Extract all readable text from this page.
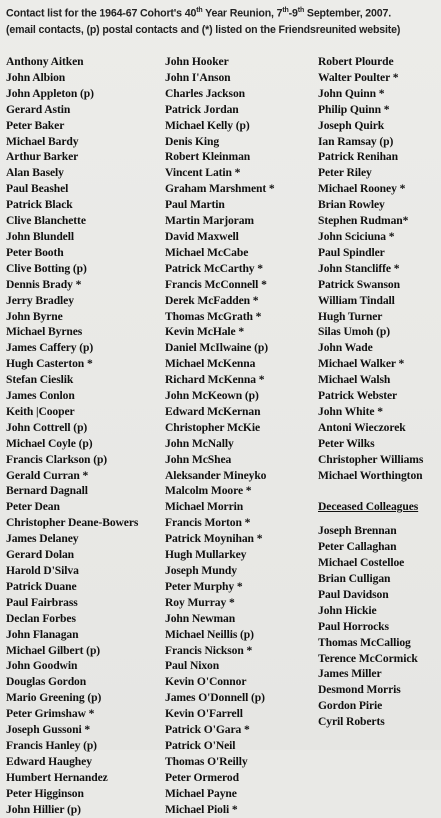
Contact list for the 1964-67 Cohort's 40th Year Reunion, 7th-9th September, 2007.
(email contacts, (p) postal contacts and (*) listed on the Friendsreunited website)
Anthony Aitken
John Albion
John Appleton (p)
Gerard Astin
Peter Baker
Michael Bardy
Arthur Barker
Alan Basely
Paul Beashel
Patrick Black
Clive Blanchette
John Blundell
Peter Booth
Clive Botting (p)
Dennis Brady *
Jerry Bradley
John Byrne
Michael Byrnes
James Caffery (p)
Hugh Casterton *
Stefan Cieslik
James Conlon
Keith |Cooper
John Cottrell (p)
Michael Coyle (p)
Francis Clarkson (p)
Gerald Curran *
Bernard Dagnall
Peter Dean
Christopher Deane-Bowers
James Delaney
Gerard Dolan
Harold D'Silva
Patrick Duane
Paul Fairbrass
Declan Forbes
John Flanagan
Michael Gilbert (p)
John Goodwin
Douglas Gordon
Mario Greening (p)
Peter Grimshaw *
Joseph Gussoni *
Francis Hanley (p)
Edward Haughey
Humbert Hernandez
Peter Higginson
John Hillier (p)
John Hooker
John I'Anson
Charles Jackson
Patrick Jordan
Michael Kelly (p)
Denis King
Robert Kleinman
Vincent Latin *
Graham Marshment *
Paul Martin
Martin Marjoram
David Maxwell
Michael McCabe
Patrick McCarthy *
Francis McConnell *
Derek McFadden *
Thomas McGrath *
Kevin McHale *
Daniel McIlwaine (p)
Michael McKenna
Richard McKenna *
John McKeown (p)
Edward McKernan
Christopher McKie
John McNally
John McShea
Aleksander Mineyko
Malcolm Moore *
Michael Morrin
Francis Morton *
Patrick Moynihan *
Hugh Mullarkey
Joseph Mundy
Peter Murphy *
Roy Murray *
John Newman
Michael Neillis (p)
Francis Nickson *
Paul Nixon
Kevin O'Connor
James O'Donnell (p)
Kevin O'Farrell
Patrick O'Gara *
Patrick O'Neil
Thomas O'Reilly
Peter Ormerod
Michael Payne
Michael Pioli *
Robert Plourde
Walter Poulter *
John Quinn *
Philip Quinn *
Joseph Quirk
Ian Ramsay (p)
Patrick Renihan
Peter Riley
Michael Rooney *
Brian Rowley
Stephen Rudman*
John Sciciuna *
Paul Spindler
John Stancliffe *
Patrick Swanson
William Tindall
Hugh Turner
Silas Umoh (p)
John Wade
Michael Walker *
Michael Walsh
Patrick Webster
John White *
Antoni Wieczorek
Peter Wilks
Christopher Williams
Michael Worthington
Deceased Colleagues
Joseph Brennan
Peter Callaghan
Michael Costelloe
Brian Culligan
Paul Davidson
John Hickie
Paul Horrocks
Thomas McCalliog
Terence McCormick
James Miller
Desmond Morris
Gordon Pirie
Cyril Roberts
